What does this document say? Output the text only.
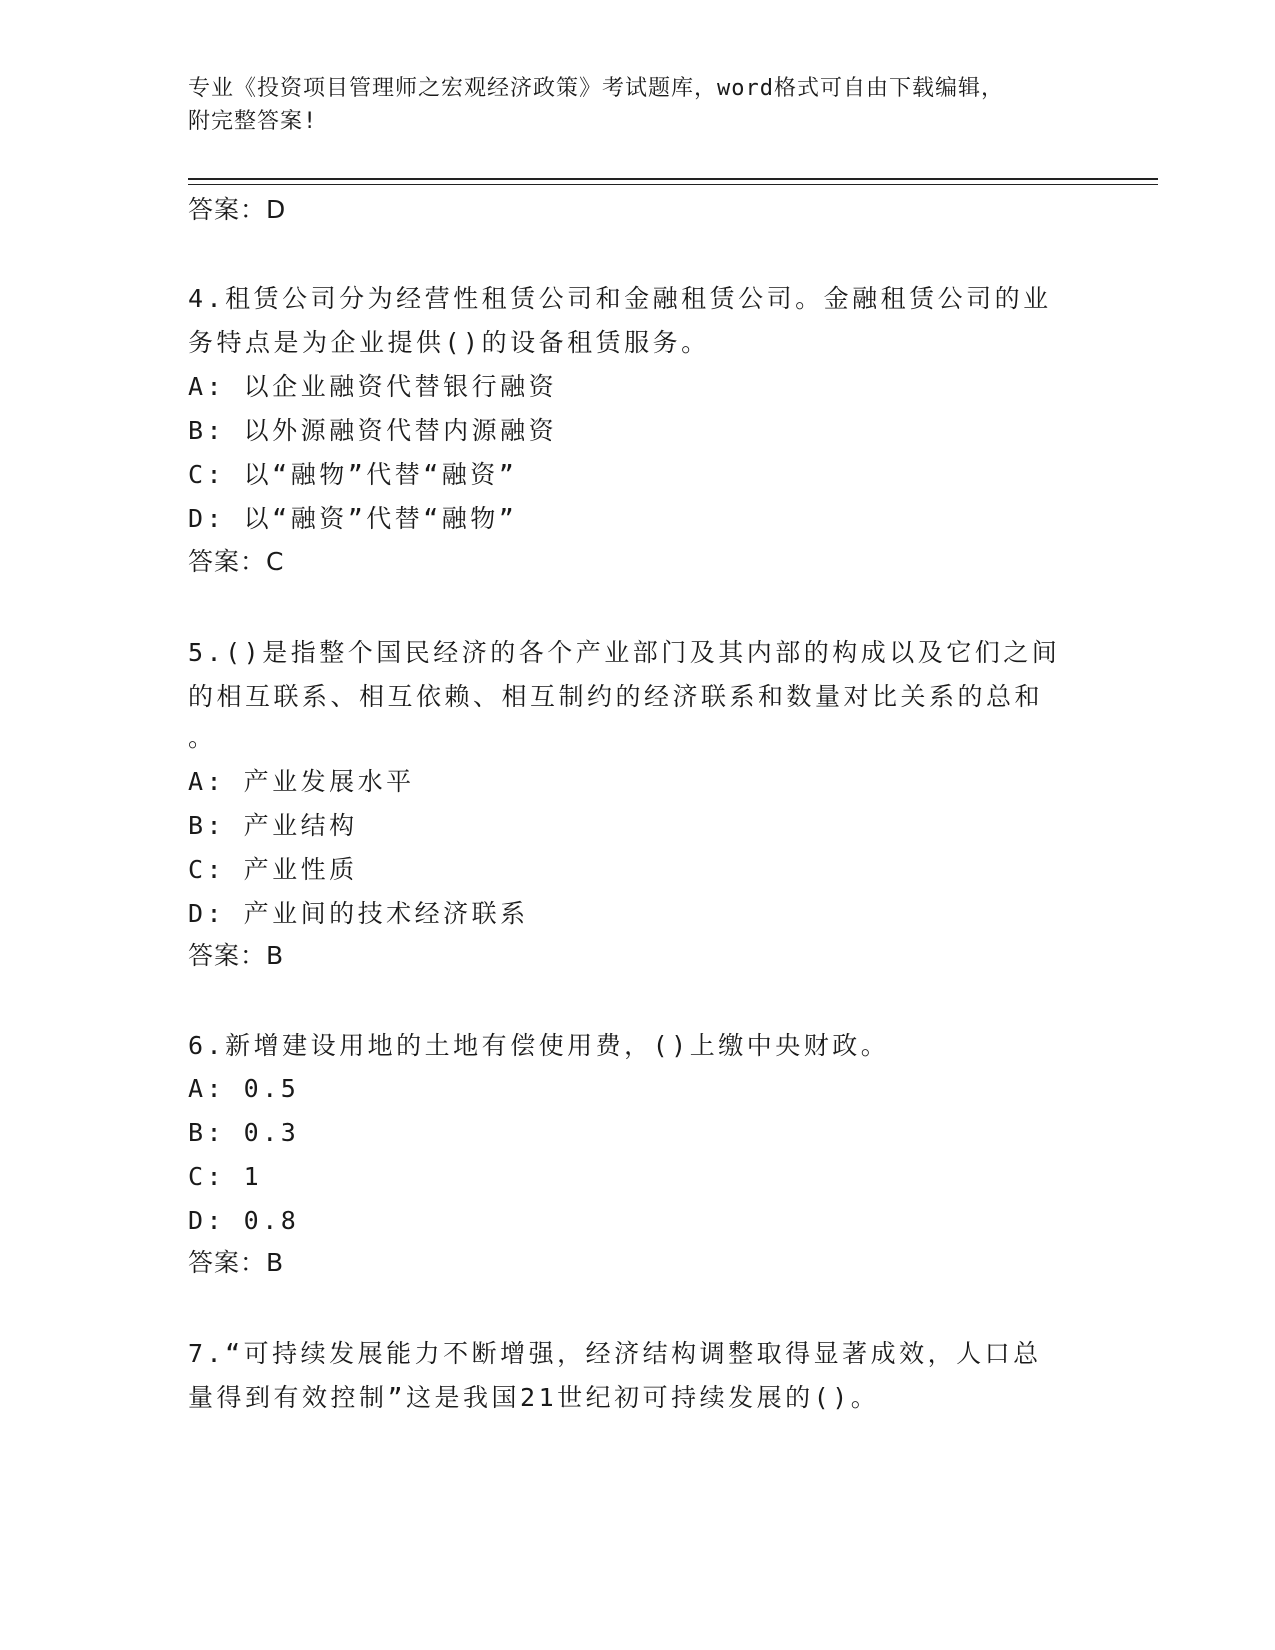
专业《投资项目管理师之宏观经济政策》考试题库，word格式可自由下载编辑，
附完整答案!
答案：D
4.租赁公司分为经营性租赁公司和金融租赁公司。金融租赁公司的业
务特点是为企业提供()的设备租赁服务。
A: 以企业融资代替银行融资
B: 以外源融资代替内源融资
C: 以“融物”代替“融资”
D: 以“融资”代替“融物”
答案：C
5.()是指整个国民经济的各个产业部门及其内部的构成以及它们之间
的相互联系、相互依赖、相互制约的经济联系和数量对比关系的总和
。
A: 产业发展水平
B: 产业结构
C: 产业性质
D: 产业间的技术经济联系
答案：B
6.新增建设用地的土地有偿使用费，()上缴中央财政。
A: 0.5
B: 0.3
C: 1
D: 0.8
答案：B
7.“可持续发展能力不断增强，经济结构调整取得显著成效，人口总
量得到有效控制”这是我国21世纪初可持续发展的()。
